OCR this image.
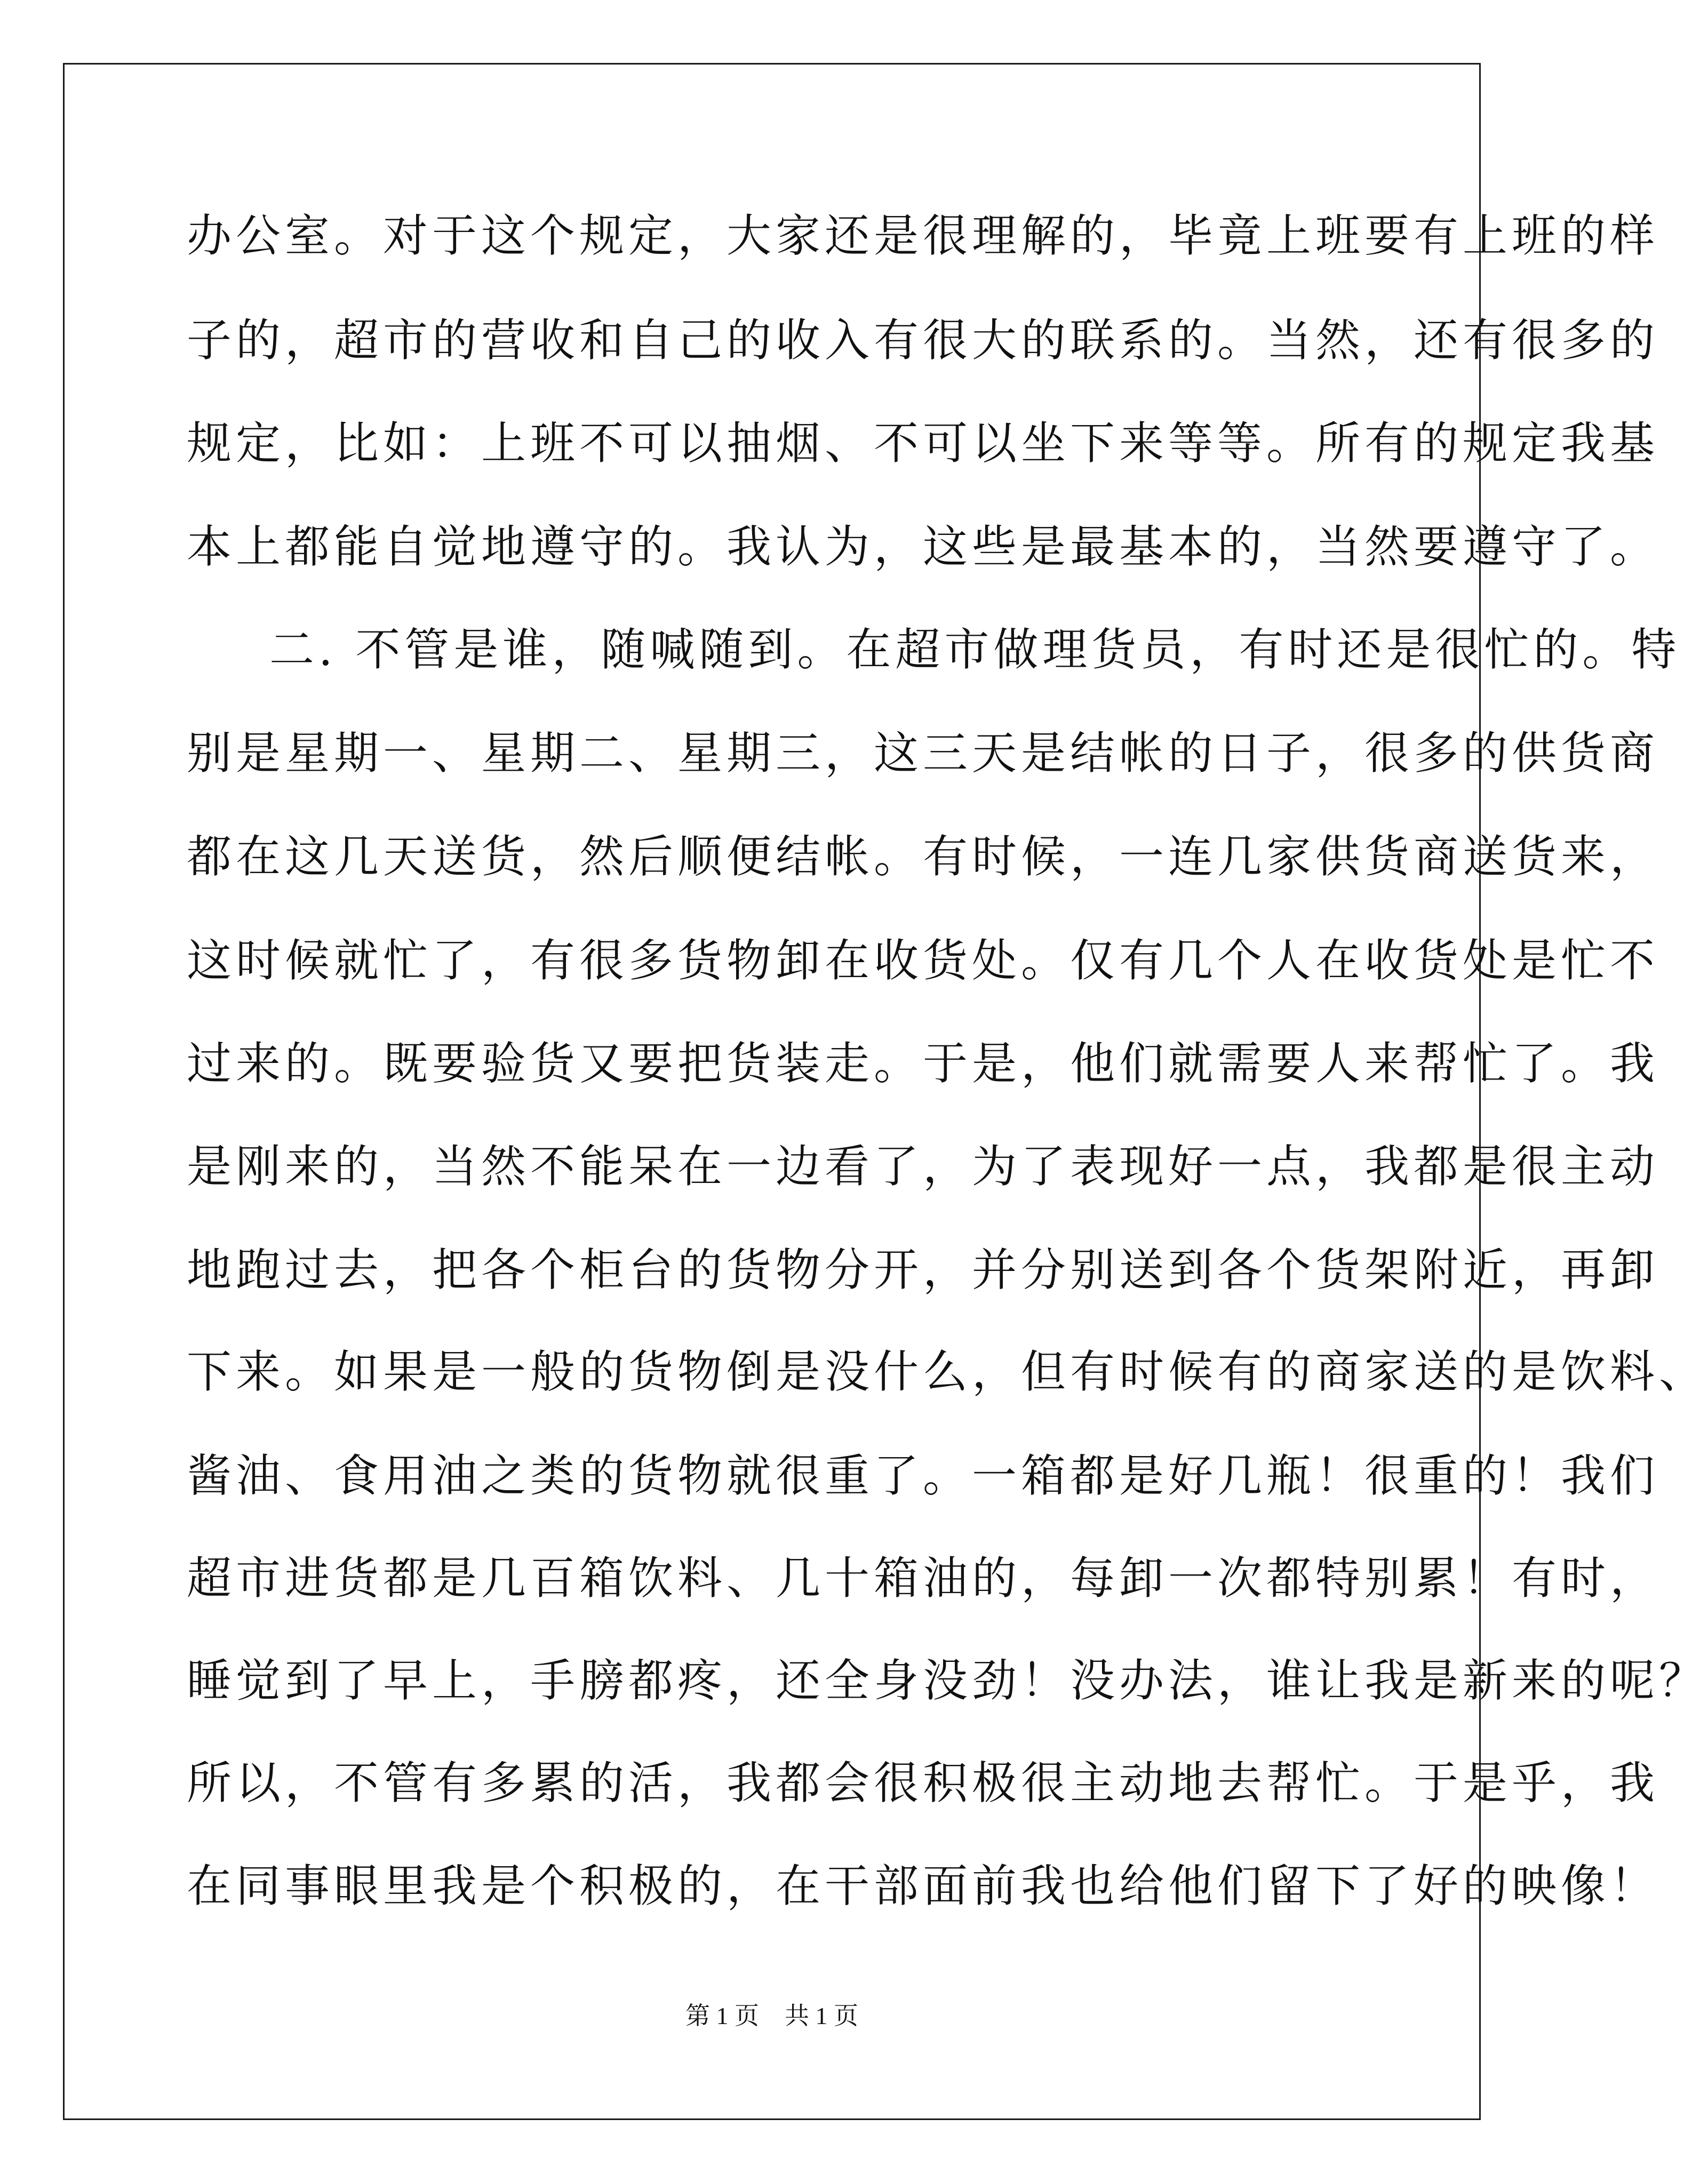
办公室。对于这个规定，大家还是很理解的，毕竟上班要有上班的样
子的，超市的营收和自己的收入有很大的联系的。当然，还有很多的
规定，比如：上班不可以抽烟、不可以坐下来等等。所有的规定我基
本上都能自觉地遵守的。我认为，这些是最基本的，当然要遵守了。
二. 不管是谁，随喊随到。在超市做理货员，有时还是很忙的。特
别是星期一、星期二、星期三，这三天是结帐的日子，很多的供货商
都在这几天送货，然后顺便结帐。有时候，一连几家供货商送货来，
这时候就忙了，有很多货物卸在收货处。仅有几个人在收货处是忙不
过来的。既要验货又要把货装走。于是，他们就需要人来帮忙了。我
是刚来的，当然不能呆在一边看了，为了表现好一点，我都是很主动
地跑过去，把各个柜台的货物分开，并分别送到各个货架附近，再卸
下来。如果是一般的货物倒是没什么，但有时候有的商家送的是饮料、
酱油、食用油之类的货物就很重了。一箱都是好几瓶！很重的！我们
超市进货都是几百箱饮料、几十箱油的，每卸一次都特别累！有时，
睡觉到了早上，手膀都疼，还全身没劲！没办法，谁让我是新来的呢？
所以，不管有多累的活，我都会很积极很主动地去帮忙。于是乎，我
在同事眼里我是个积极的，在干部面前我也给他们留下了好的映像！
第 1 页 共 1 页
